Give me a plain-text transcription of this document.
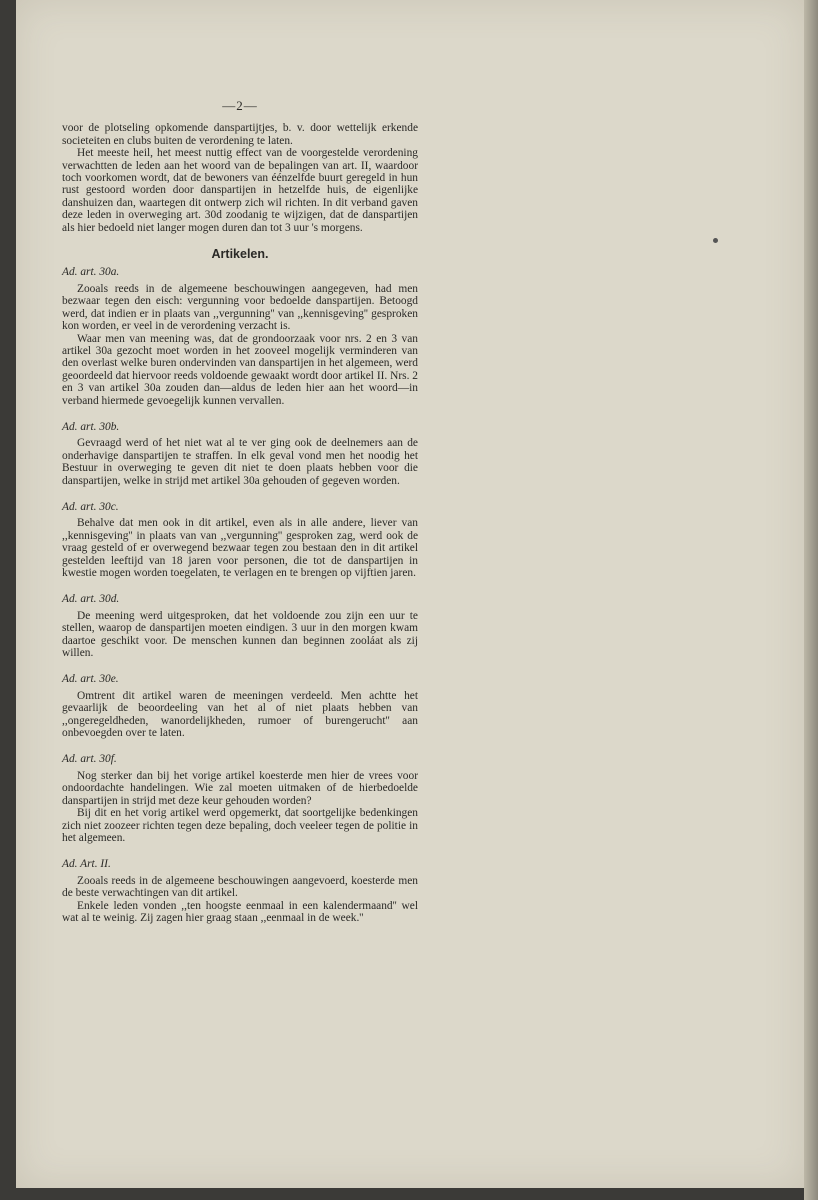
—2—

voor de plotseling opkomende danspartijtjes, b. v. door wettelijk erkende societeiten en clubs buiten de verordening te laten.

Het meeste heil, het meest nuttig effect van de voorgestelde verordening verwachtten de leden aan het woord van de bepalingen van art. II, waardoor toch voorkomen wordt, dat de bewoners van éénzelfde buurt geregeld in hun rust gestoord worden door danspartijen in hetzelfde huis, de eigenlijke danshuizen dan, waartegen dit ontwerp zich wil richten. In dit verband gaven deze leden in overweging art. 30d zoodanig te wijzigen, dat de danspartijen als hier bedoeld niet langer mogen duren dan tot 3 uur 's morgens.

Artikelen.
Ad. art. 30a.

Zooals reeds in de algemeene beschouwingen aangegeven, had men bezwaar tegen den eisch: vergunning voor bedoelde danspartijen. Betoogd werd, dat indien er in plaats van ,,vergunning'' van ,,kennisgeving'' gesproken kon worden, er veel in de verordening verzacht is.

Waar men van meening was, dat de grondoorzaak voor nrs. 2 en 3 van artikel 30a gezocht moet worden in het zooveel mogelijk verminderen van den overlast welke buren ondervinden van danspartijen in het algemeen, werd geoordeeld dat hiervoor reeds voldoende gewaakt wordt door artikel II. Nrs. 2 en 3 van artikel 30a zouden dan—aldus de leden hier aan het woord—in verband hiermede gevoegelijk kunnen vervallen.

Ad. art. 30b.

Gevraagd werd of het niet wat al te ver ging ook de deelnemers aan de onderhavige danspartijen te straffen. In elk geval vond men het noodig het Bestuur in overweging te geven dit niet te doen plaats hebben voor die danspartijen, welke in strijd met artikel 30a gehouden of gegeven worden.

Ad. art. 30c.

Behalve dat men ook in dit artikel, even als in alle andere, liever van ,,kennisgeving'' in plaats van van ,,vergunning'' gesproken zag, werd ook de vraag gesteld of er overwegend bezwaar tegen zou bestaan den in dit artikel gestelden leeftijd van 18 jaren voor personen, die tot de danspartijen in kwestie mogen worden toegelaten, te verlagen en te brengen op vijftien jaren.

Ad. art. 30d.

De meening werd uitgesproken, dat het voldoende zou zijn een uur te stellen, waarop de danspartijen moeten eindigen. 3 uur in den morgen kwam daartoe geschikt voor. De menschen kunnen dan beginnen zooláat als zij willen.

Ad. art. 30e.

Omtrent dit artikel waren de meeningen verdeeld. Men achtte het gevaarlijk de beoordeeling van het al of niet plaats hebben van ,,ongeregeldheden, wanordelijkheden, rumoer of burengerucht'' aan onbevoegden over te laten.

Ad. art. 30f.

Nog sterker dan bij het vorige artikel koesterde men hier de vrees voor ondoordachte handelingen. Wie zal moeten uitmaken of de hierbedoelde danspartijen in strijd met deze keur gehouden worden?

Bij dit en het vorig artikel werd opgemerkt, dat soortgelijke bedenkingen zich niet zoozeer richten tegen deze bepaling, doch veeleer tegen de politie in het algemeen.

Ad. Art. II.

Zooals reeds in de algemeene beschouwingen aangevoerd, koesterde men de beste verwachtingen van dit artikel.

Enkele leden vonden ,,ten hoogste eenmaal in een kalendermaand'' wel wat al te weinig. Zij zagen hier graag staan ,,eenmaal in de week.''
